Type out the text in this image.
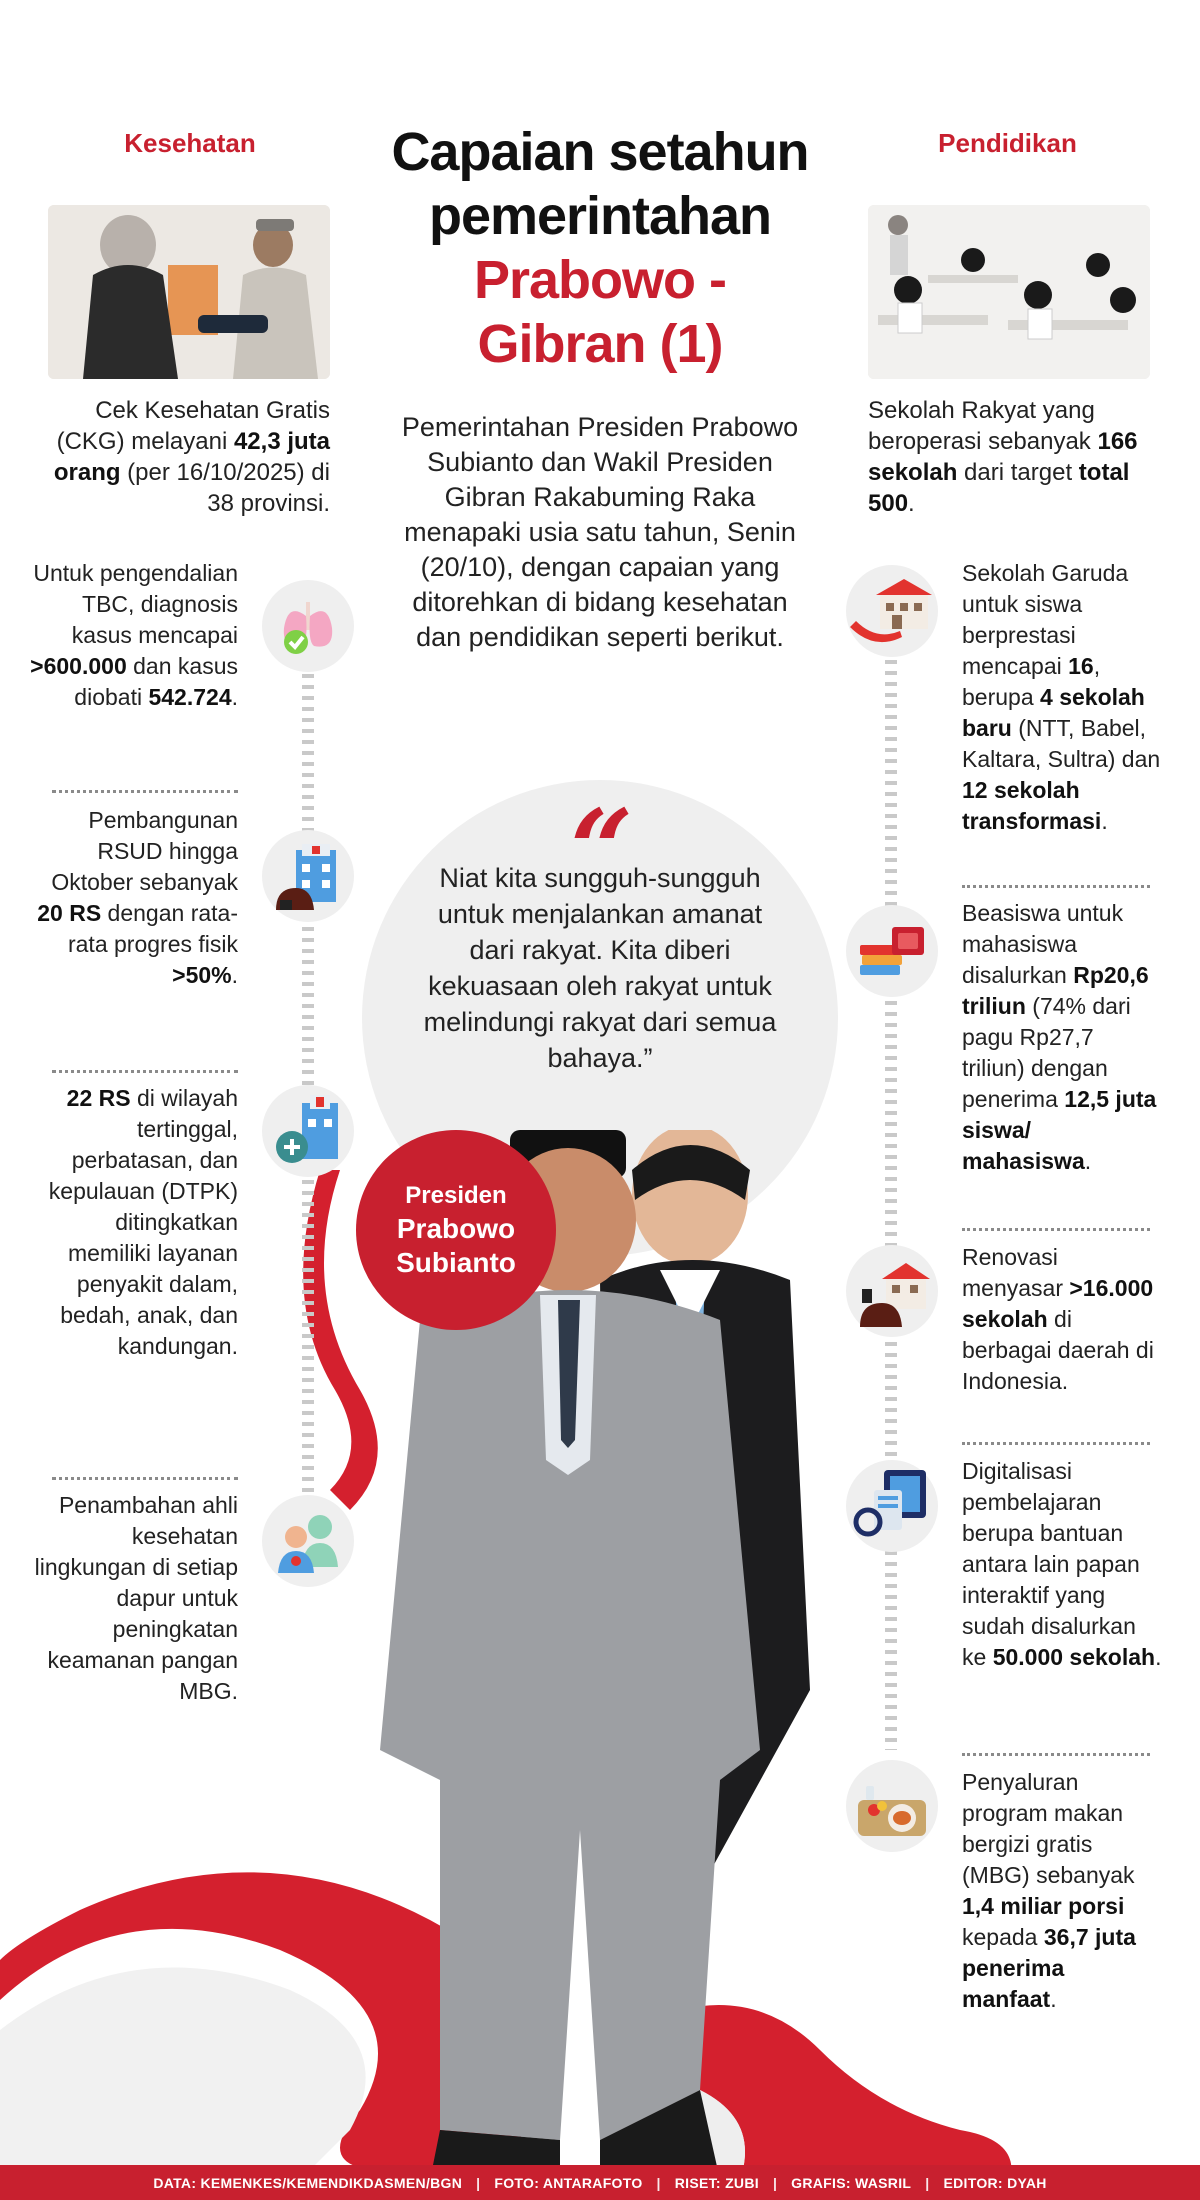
Kesehatan	Pendidikan
Capaian setahun
pemerintahan
Prabowo -
Gibran (1)
Pemerintahan Presiden Prabowo Subianto dan Wakil Presiden Gibran Rakabuming Raka menapaki usia satu tahun, Senin (20/10), dengan capaian yang ditorehkan di bidang kesehatan dan pendidikan seperti berikut.
Cek Kesehatan Gratis (CKG) melayani 42,3 juta orang (per 16/10/2025) di 38 provinsi.
Sekolah Rakyat yang beroperasi sebanyak 166 sekolah dari target total 500.
“
Niat kita sungguh-sungguh untuk menjalankan amanat dari rakyat. Kita diberi kekuasaan oleh rakyat untuk melindungi rakyat dari semua bahaya.”
Presiden
Prabowo
Subianto
Untuk pengendalian TBC, diagnosis kasus mencapai >600.000 dan kasus diobati 542.724.
Pembangunan RSUD hingga Oktober sebanyak 20 RS dengan rata-rata progres fisik >50%.
22 RS di wilayah tertinggal, perbatasan, dan kepulauan (DTPK) ditingkatkan memiliki layanan penyakit dalam, bedah, anak, dan kandungan.
Penambahan ahli kesehatan lingkungan di setiap dapur untuk peningkatan keamanan pangan MBG.
Sekolah Garuda untuk siswa berprestasi mencapai 16, berupa 4 sekolah baru (NTT, Babel, Kaltara, Sultra) dan 12 sekolah transformasi.
Beasiswa untuk mahasiswa disalurkan Rp20,6 triliun (74% dari pagu Rp27,7 triliun) dengan penerima 12,5 juta siswa/ mahasiswa.
Renovasi menyasar >16.000 sekolah di berbagai daerah di Indonesia.
Digitalisasi pembelajaran berupa bantuan antara lain papan interaktif yang sudah disalurkan ke 50.000 sekolah.
Penyaluran program makan bergizi gratis (MBG) sebanyak 1,4 miliar porsi kepada 36,7 juta penerima manfaat.
DATA: KEMENKES/KEMENDIKDASMEN/BGN | FOTO: ANTARAFOTO | RISET: ZUBI | GRAFIS: WASRIL | EDITOR: DYAH
